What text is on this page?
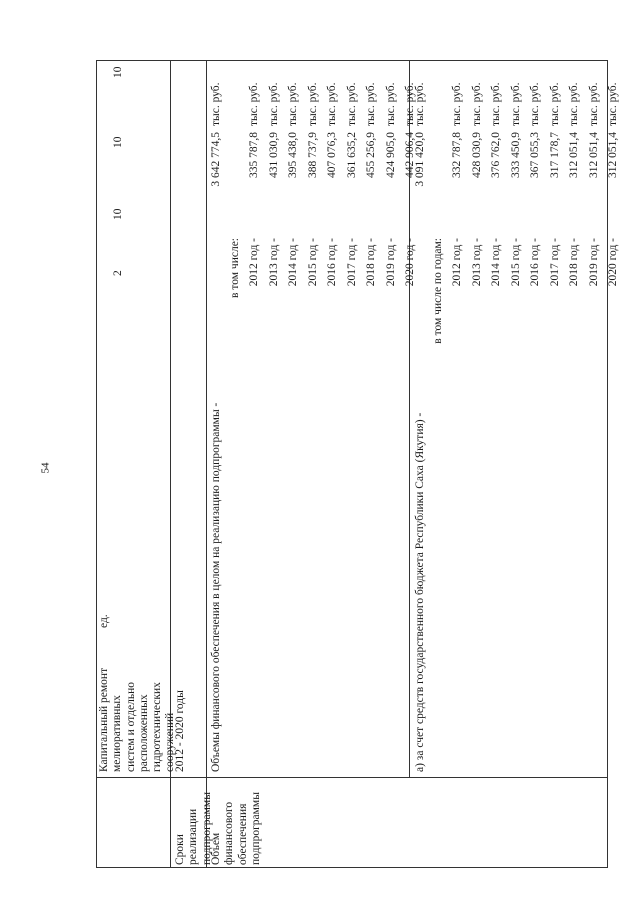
54
Капитальный ремонт
мелиоративных
систем и отдельно
расположенных
гидротехнических
сооружений
ед.
2
10
10
10
Сроки реализации
подпрограммы
2012 - 2020 годы
Объем
финансового
обеспечения
подпрограммы
Объемы финансового обеспечения в целом на реализацию подпрограммы -
3 642 774,5
тыс. руб.
в том числе: 2012 год -
335 787,8
тыс. руб.
2013 год -
431 030,9
тыс. руб.
2014 год -
395 438,0
тыс. руб.
2015 год -
388 737,9
тыс. руб.
2016 год -
407 076,3
тыс. руб.
2017 год -
361 635,2
тыс. руб.
2018 год -
455 256,9
тыс. руб.
2019 год -
424 905,0
тыс. руб.
2020 год -
442 906,4
тыс. руб.
а) за счет средств государственного бюджета Республики Саха (Якутия) -
3 091 420,0
тыс. руб.
в том числе по годам: 2012 год -
332 787,8
тыс. руб.
2013 год -
428 030,9
тыс. руб.
2014 год -
376 762,0
тыс. руб.
2015 год -
333 450,9
тыс. руб.
2016 год -
367 055,3
тыс. руб.
2017 год -
317 178,7
тыс. руб.
2018 год -
312 051,4
тыс. руб.
2019 год -
312 051,4
тыс. руб.
2020 год -
312 051,4
тыс. руб.
